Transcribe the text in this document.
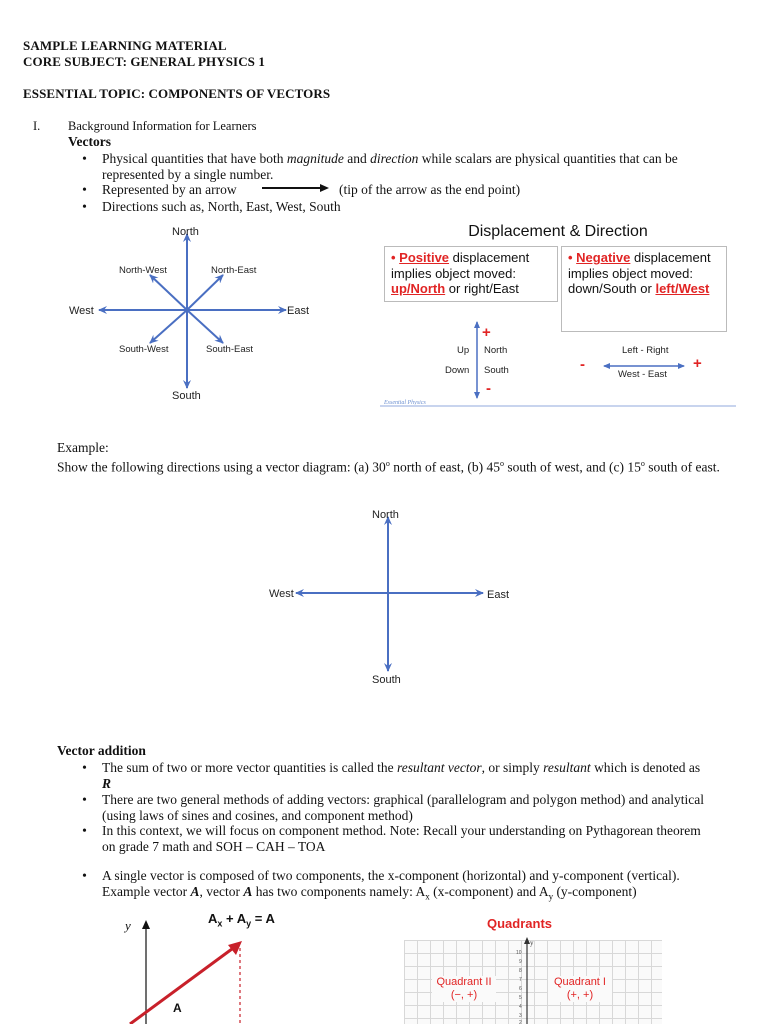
SAMPLE LEARNING MATERIAL
CORE SUBJECT: GENERAL PHYSICS 1
ESSENTIAL TOPIC: COMPONENTS OF VECTORS
I. Background Information for Learners
Vectors
•	Physical quantities that have both magnitude and direction while scalars are physical quantities that can be represented by a single number.
•	Represented by an arrow	(tip of the arrow as the end point)
•	Directions such as, North, East, West, South
North
South
East
West
North-West	North-East
South-West	South-East
Displacement & Direction
• Positive displacement implies object moved: up/North or right/East
• Negative displacement implies object moved: down/South or left/West
+
-
Up North
Down South
Left - Right
West - East
-	+
Essential Physics
Example:
Show the following directions using a vector diagram: (a) 30$^o$ north of east, (b) 45$^o$ south of west, and (c) 15$^o$ south of east.
North
South
East
West
Vector addition
•	The sum of two or more vector quantities is called the resultant vector, or simply resultant which is denoted as R
•	There are two general methods of adding vectors: graphical (parallelogram and polygon method) and analytical (using laws of sines and cosines, and component method)
•	In this context, we will focus on component method. Note: Recall your understanding on Pythagorean theorem on grade 7 math and SOH – CAH – TOA
•	A single vector is composed of two components, the x-component (horizontal) and y-component (vertical). Example vector A, vector A has two components namely: $A_x$ (x-component) and $A_y$ (y-component)
$A_x + A_y = A$
y
A
Quadrants
y
10
9
8
7
6
5
4
3
2
Quadrant II
(−, +)
Quadrant I
(+, +)
